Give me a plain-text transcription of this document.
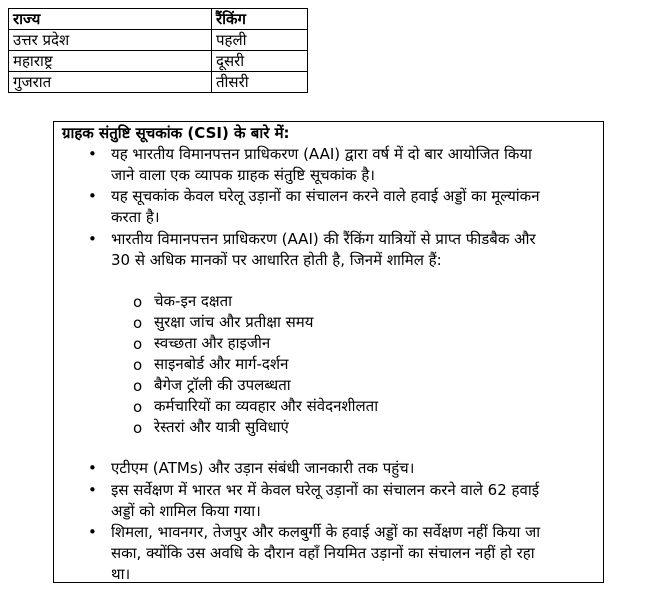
राज्य	रैंकिंग
उत्तर प्रदेश	पहली
महाराष्ट्र	दूसरी
गुजरात	तीसरी
ग्राहक संतुष्टि सूचकांक (CSI) के बारे में:
• यह भारतीय विमानपत्तन प्राधिकरण (AAI) द्वारा वर्ष में दो बार आयोजित किया
जाने वाला एक व्यापक ग्राहक संतुष्टि सूचकांक है।
• यह सूचकांक केवल घरेलू उड़ानों का संचालन करने वाले हवाई अड्डों का मूल्यांकन
करता है।
• भारतीय विमानपत्तन प्राधिकरण (AAI) की रैंकिंग यात्रियों से प्राप्त फीडबैक और
30 से अधिक मानकों पर आधारित होती है, जिनमें शामिल हैं:
o चेक-इन दक्षता
o सुरक्षा जांच और प्रतीक्षा समय
o स्वच्छता और हाइजीन
o साइनबोर्ड और मार्ग-दर्शन
o बैगेज ट्रॉली की उपलब्धता
o कर्मचारियों का व्यवहार और संवेदनशीलता
o रेस्तरां और यात्री सुविधाएं
• एटीएम (ATMs) और उड़ान संबंधी जानकारी तक पहुंच।
• इस सर्वेक्षण में भारत भर में केवल घरेलू उड़ानों का संचालन करने वाले 62 हवाई
अड्डों को शामिल किया गया।
• शिमला, भावनगर, तेजपुर और कलबुर्गी के हवाई अड्डों का सर्वेक्षण नहीं किया जा
सका, क्योंकि उस अवधि के दौरान वहाँ नियमित उड़ानों का संचालन नहीं हो रहा
था।
